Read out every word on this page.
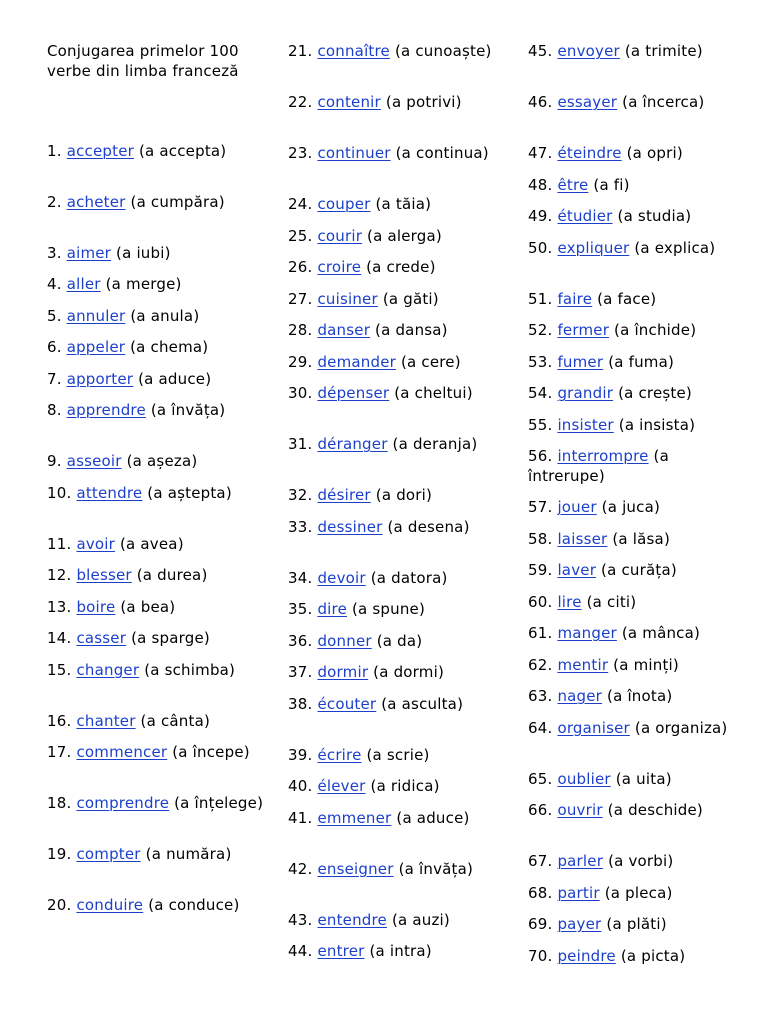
Conjugarea primelor 100 verbe din limba franceză
1. accepter (a accepta)
2. acheter (a cumpăra)
3. aimer (a iubi)
4. aller (a merge)
5. annuler (a anula)
6. appeler (a chema)
7. apporter (a aduce)
8. apprendre (a învăța)
9. asseoir (a așeza)
10. attendre (a aștepta)
11. avoir (a avea)
12. blesser (a durea)
13. boire (a bea)
14. casser (a sparge)
15. changer (a schimba)
16. chanter (a cânta)
17. commencer (a începe)
18. comprendre (a înțelege)
19. compter (a număra)
20. conduire (a conduce)
21. connaître (a cunoaște)
22. contenir (a potrivi)
23. continuer (a continua)
24. couper (a tăia)
25. courir (a alerga)
26. croire (a crede)
27. cuisiner (a găti)
28. danser (a dansa)
29. demander (a cere)
30. dépenser (a cheltui)
31. déranger (a deranja)
32. désirer (a dori)
33. dessiner (a desena)
34. devoir (a datora)
35. dire (a spune)
36. donner (a da)
37. dormir (a dormi)
38. écouter (a asculta)
39. écrire (a scrie)
40. élever (a ridica)
41. emmener (a aduce)
42. enseigner (a învăța)
43. entendre (a auzi)
44. entrer (a intra)
45. envoyer (a trimite)
46. essayer (a încerca)
47. éteindre (a opri)
48. être (a fi)
49. étudier (a studia)
50. expliquer (a explica)
51. faire (a face)
52. fermer (a închide)
53. fumer (a fuma)
54. grandir (a crește)
55. insister (a insista)
56. interrompre (a întrerupe)
57. jouer (a juca)
58. laisser (a lăsa)
59. laver (a curăța)
60. lire (a citi)
61. manger (a mânca)
62. mentir (a minți)
63. nager (a înota)
64. organiser (a organiza)
65. oublier (a uita)
66. ouvrir (a deschide)
67. parler (a vorbi)
68. partir (a pleca)
69. payer (a plăti)
70. peindre (a picta)
